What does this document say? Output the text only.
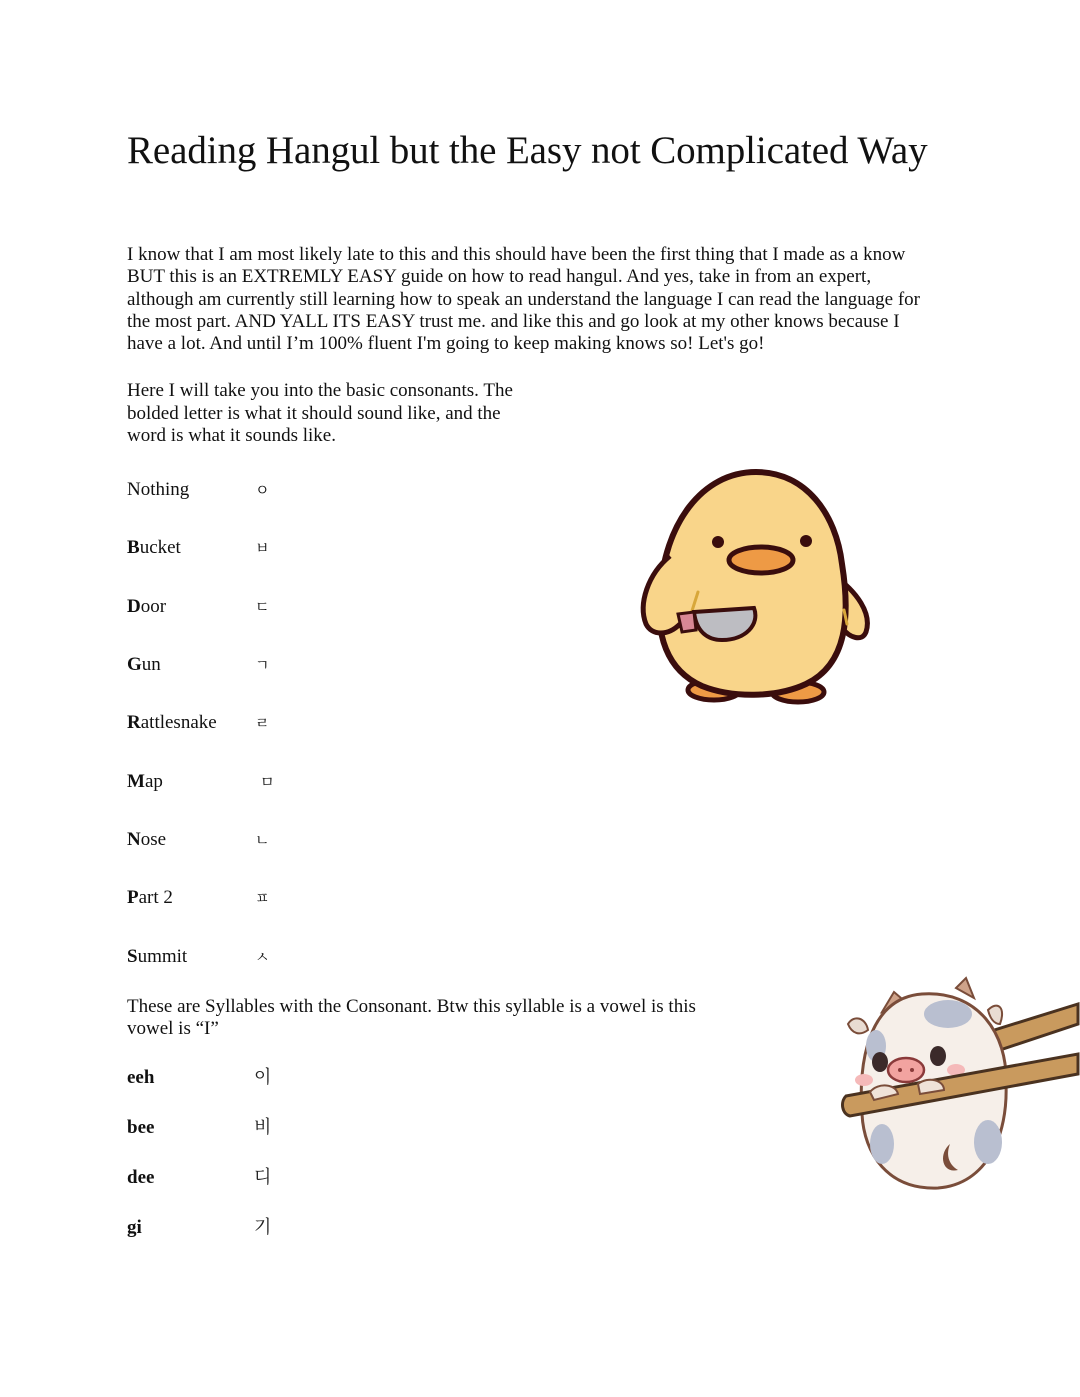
Reading Hangul but the Easy not Complicated Way
I know that I am most likely late to this and this should have been the first thing that I made as a know
BUT this is an EXTREMLY EASY guide on how to read hangul. And yes, take in from an expert,
although am currently still learning how to speak an understand the language I can read the language for
the most part. AND YALL ITS EASY trust me. and like this and go look at my other knows because I
have a lot. And until I’m 100% fluent I'm going to keep making knows so! Let's go!
Here I will take you into the basic consonants. The
bolded letter is what it should sound like, and the
word is what it sounds like.
Nothing	ㅇ
Bucket	ㅂ
Door	ㄷ
Gun	ㄱ
Rattlesnake	ㄹ
Map	ㅁ
Nose	ㄴ
Part 2	ㅍ
Summit	ㅅ
These are Syllables with the Consonant. Btw this syllable is a vowel is this
vowel is “I”
eeh	이
bee	비
dee	디
gi	기
